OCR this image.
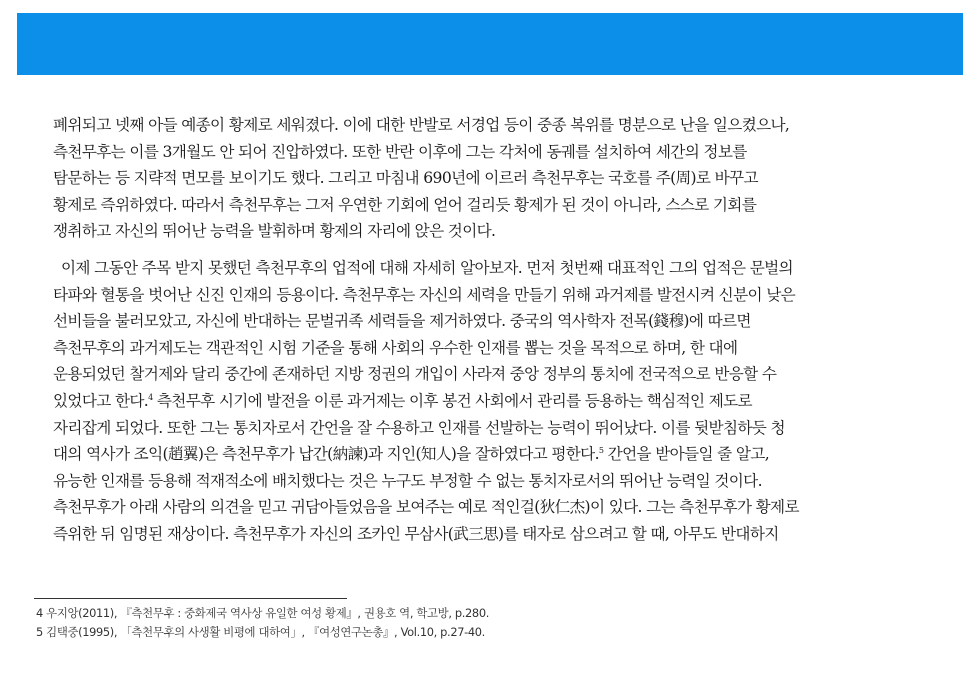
폐위되고 넷째 아들 예종이 황제로 세워졌다. 이에 대한 반발로 서경업 등이 중종 복위를 명분으로 난을 일으켰으나,
측천무후는 이를 3개월도 안 되어 진압하였다. 또한 반란 이후에 그는 각처에 동궤를 설치하여 세간의 정보를
탐문하는 등 지략적 면모를 보이기도 했다. 그리고 마침내 690년에 이르러 측천무후는 국호를 주(周)로 바꾸고
황제로 즉위하였다. 따라서 측천무후는 그저 우연한 기회에 얻어 걸리듯 황제가 된 것이 아니라, 스스로 기회를
쟁취하고 자신의 뛰어난 능력을 발휘하며 황제의 자리에 앉은 것이다.

이제 그동안 주목 받지 못했던 측천무후의 업적에 대해 자세히 알아보자. 먼저 첫번째 대표적인 그의 업적은 문벌의
타파와 혈통을 벗어난 신진 인재의 등용이다. 측천무후는 자신의 세력을 만들기 위해 과거제를 발전시켜 신분이 낮은
선비들을 불러모았고, 자신에 반대하는 문벌귀족 세력들을 제거하였다. 중국의 역사학자 전목(錢穆)에 따르면
측천무후의 과거제도는 객관적인 시험 기준을 통해 사회의 우수한 인재를 뽑는 것을 목적으로 하며, 한 대에
운용되었던 찰거제와 달리 중간에 존재하던 지방 정권의 개입이 사라져 중앙 정부의 통치에 전국적으로 반응할 수
있었다고 한다.$^4$ 측천무후 시기에 발전을 이룬 과거제는 이후 봉건 사회에서 관리를 등용하는 핵심적인 제도로
자리잡게 되었다. 또한 그는 통치자로서 간언을 잘 수용하고 인재를 선발하는 능력이 뛰어났다. 이를 뒷받침하듯 청
대의 역사가 조익(趙翼)은 측천무후가 납간(納諫)과 지인(知人)을 잘하였다고 평한다.$^5$ 간언을 받아들일 줄 알고,
유능한 인재를 등용해 적재적소에 배치했다는 것은 누구도 부정할 수 없는 통치자로서의 뛰어난 능력일 것이다.
측천무후가 아래 사람의 의견을 믿고 귀담아들었음을 보여주는 예로 적인걸(狄仁杰)이 있다. 그는 측천무후가 황제로
즉위한 뒤 임명된 재상이다. 측천무후가 자신의 조카인 무삼사(武三思)를 태자로 삼으려고 할 때, 아무도 반대하지

4 우지앙(2011), 『측천무후 : 중화제국 역사상 유일한 여성 황제』, 권용호 역, 학고방, p.280.
5 김택중(1995), 「측천무후의 사생활 비평에 대하여」, 『여성연구논총』, Vol.10, p.27-40.
